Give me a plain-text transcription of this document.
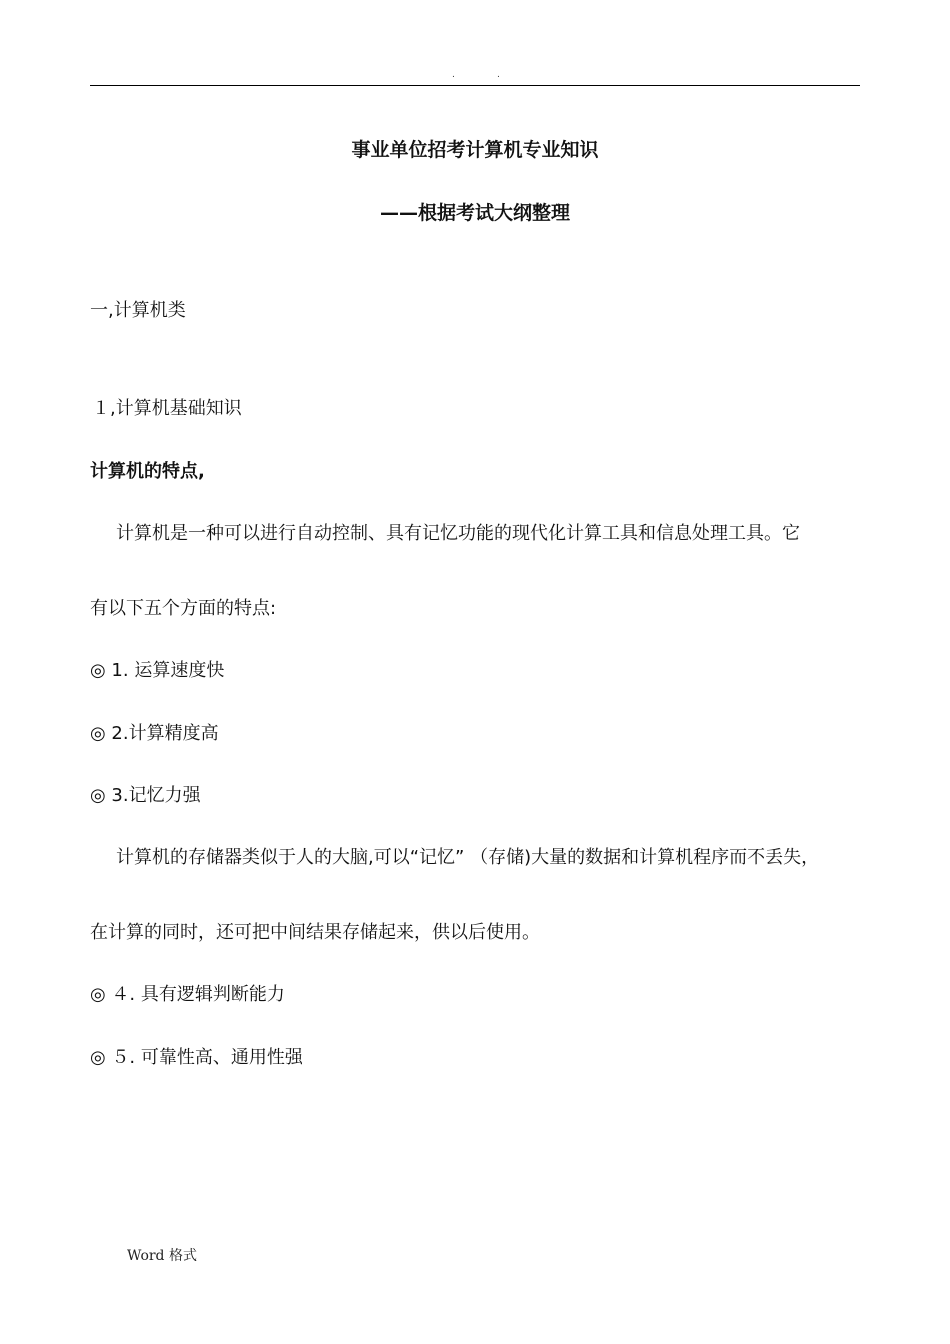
.	.
事业单位招考计算机专业知识
——根据考试大纲整理
一,计算机类
１,计算机基础知识
计算机的特点,
计算机是一种可以进行自动控制、具有记忆功能的现代化计算工具和信息处理工具。它
有以下五个方面的特点:
◎ 1. 运算速度快
◎ 2.计算精度高
◎ 3.记忆力强
计算机的存储器类似于人的大脑,可以“记忆” （存储)大量的数据和计算机程序而不丢失，
在计算的同时，还可把中间结果存储起来，供以后使用。
◎ ４. 具有逻辑判断能力
◎ ５. 可靠性高、通用性强
Word 格式
